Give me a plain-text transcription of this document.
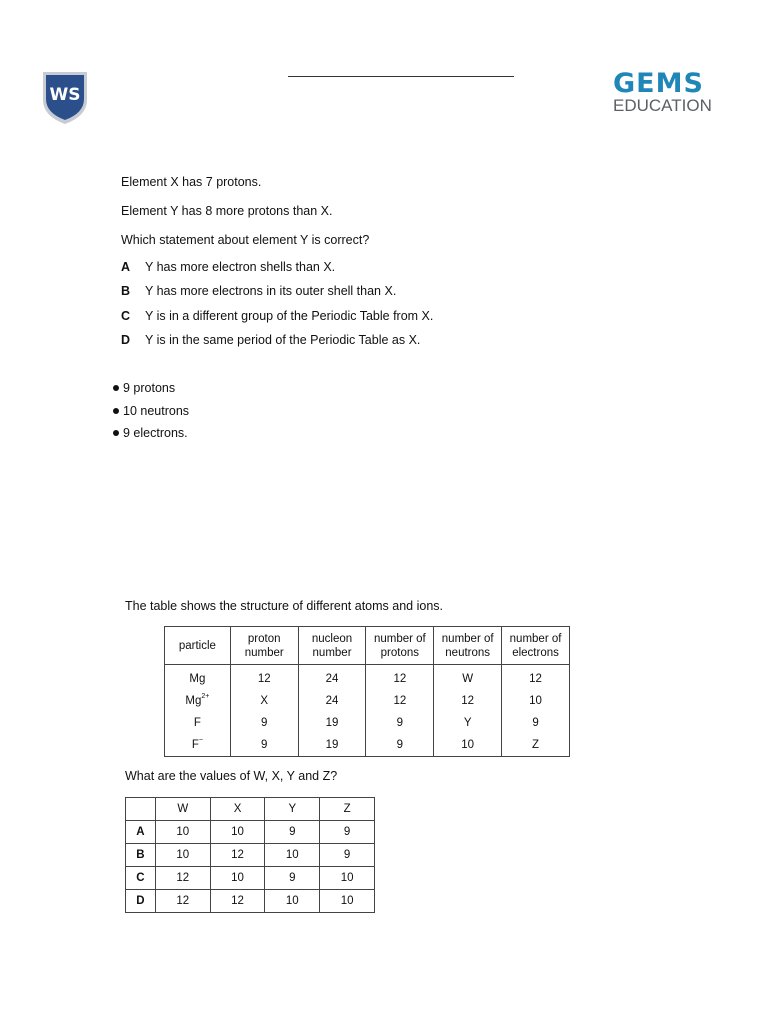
WS	GEMS
EDUCATION
Element X has 7 protons.
Element Y has 8 more protons than X.
Which statement about element Y is correct?
A Y has more electron shells than X.
B Y has more electrons in its outer shell than X.
C Y is in a different group of the Periodic Table from X.
D Y is in the same period of the Periodic Table as X.
9 protons
10 neutrons
9 electrons.
The table shows the structure of different atoms and ions.
particle	proton number	nucleon number	number of protons	number of neutrons	number of electrons
Mg	12	24	12	W	12
$Mg^{2+}$	X	24	12	12	10
F	9	19	9	Y	9
F−	9	19	9	10	Z
What are the values of W, X, Y and Z?
	W	X	Y	Z
A	10	10	9	9
B	10	12	10	9
C	12	10	9	10
D	12	12	10	10
